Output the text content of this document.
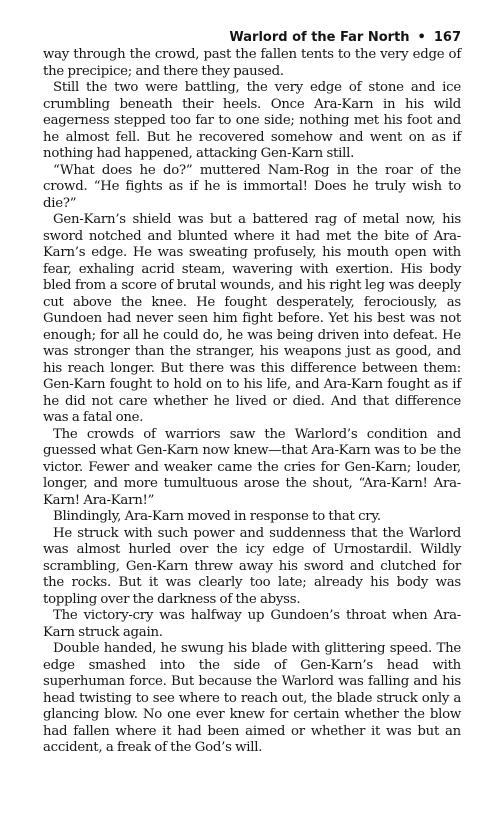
Warlord of the Far North • 167

way through the crowd, past the fallen tents to the very edge of the precipice; and there they paused.

Still the two were battling, the very edge of stone and ice crumbling beneath their heels. Once Ara-Karn in his wild eagerness stepped too far to one side; nothing met his foot and he almost fell. But he recovered somehow and went on as if nothing had happened, attacking Gen-Karn still.

“What does he do?” muttered Nam-Rog in the roar of the crowd. “He fights as if he is immortal! Does he truly wish to die?”

Gen-Karn’s shield was but a battered rag of metal now, his sword notched and blunted where it had met the bite of Ara-Karn’s edge. He was sweating profusely, his mouth open with fear, exhaling acrid steam, wavering with exertion. His body bled from a score of brutal wounds, and his right leg was deeply cut above the knee. He fought desperately, ferociously, as Gundoen had never seen him fight before. Yet his best was not enough; for all he could do, he was being driven into defeat. He was stronger than the stranger, his weapons just as good, and his reach longer. But there was this difference between them: Gen-Karn fought to hold on to his life, and Ara-Karn fought as if he did not care whether he lived or died. And that difference was a fatal one.

The crowds of warriors saw the Warlord’s condition and guessed what Gen-Karn now knew—that Ara-Karn was to be the victor. Fewer and weaker came the cries for Gen-Karn; louder, longer, and more tumultuous arose the shout, “Ara-Karn! Ara-Karn! Ara-Karn!”

Blindingly, Ara-Karn moved in response to that cry.

He struck with such power and suddenness that the Warlord was almost hurled over the icy edge of Urnostardil. Wildly scrambling, Gen-Karn threw away his sword and clutched for the rocks. But it was clearly too late; already his body was toppling over the darkness of the abyss.

The victory-cry was halfway up Gundoen’s throat when Ara-Karn struck again.

Double handed, he swung his blade with glittering speed. The edge smashed into the side of Gen-Karn’s head with superhuman force. But because the Warlord was falling and his head twisting to see where to reach out, the blade struck only a glancing blow. No one ever knew for certain whether the blow had fallen where it had been aimed or whether it was but an accident, a freak of the God’s will.
